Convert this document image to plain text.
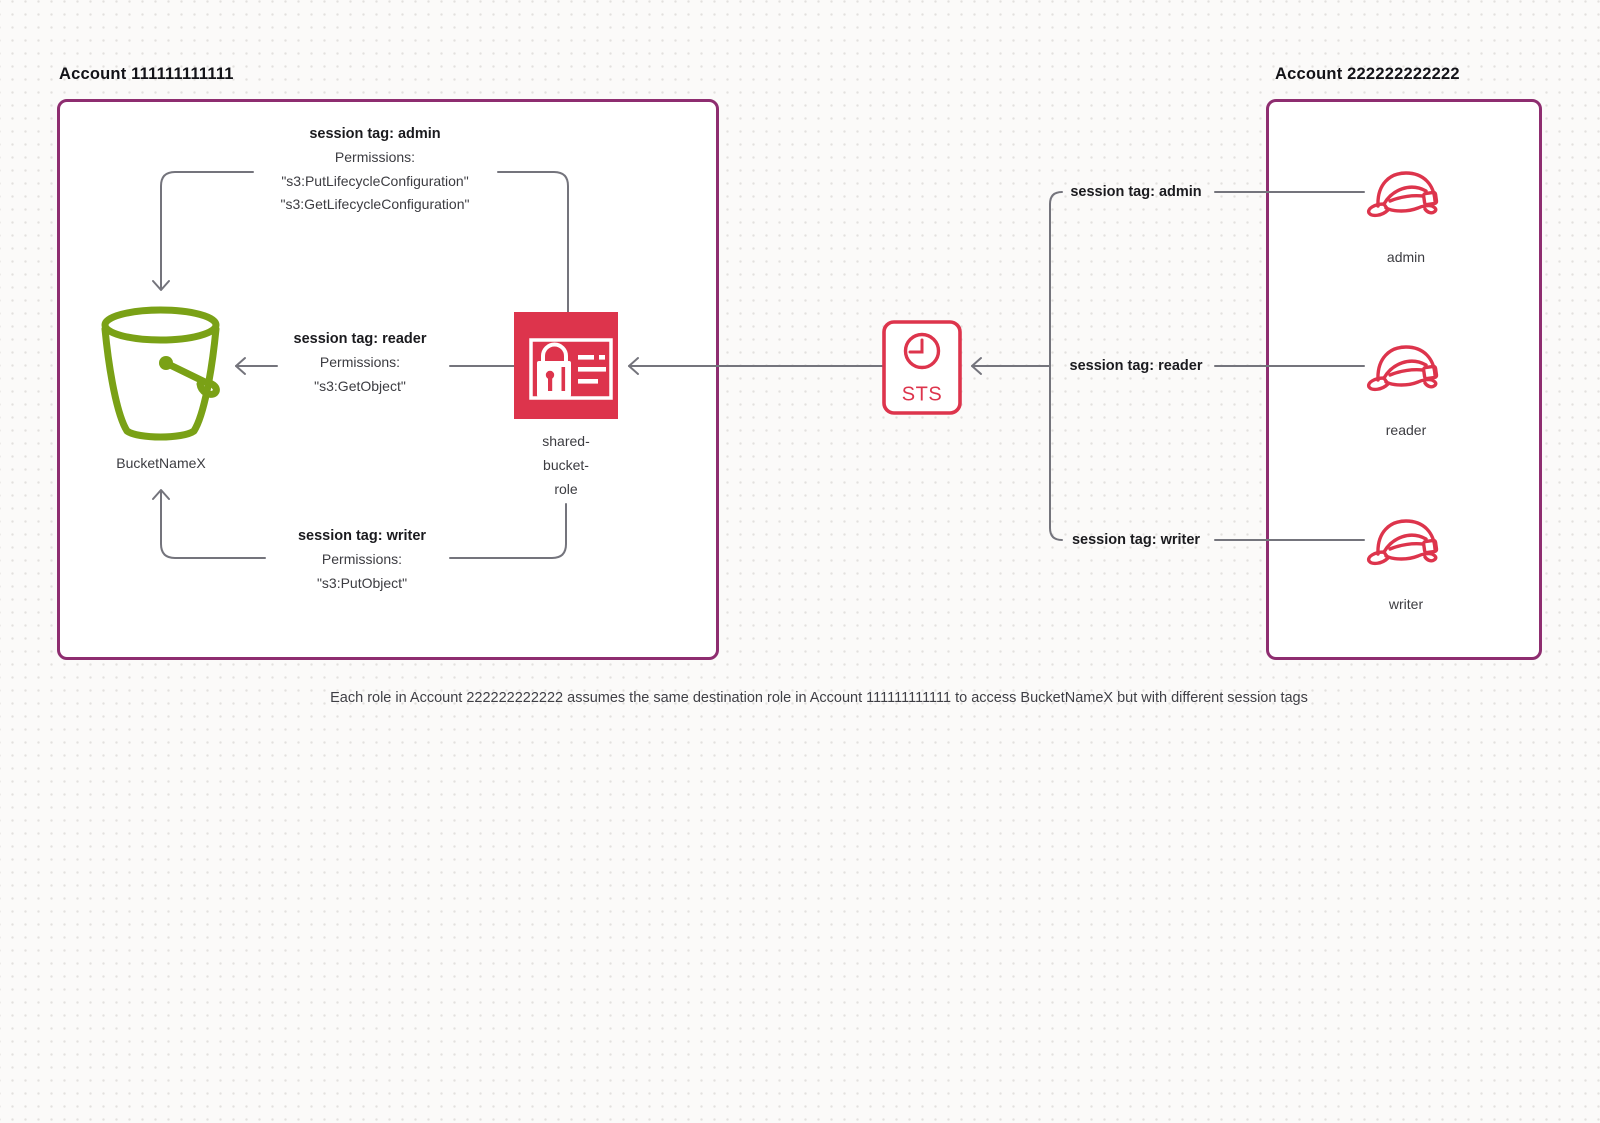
Account 111111111111	Account 222222222222
session tag: admin
Permissions:
"s3:PutLifecycleConfiguration"
"s3:GetLifecycleConfiguration"
session tag: reader
Permissions:
"s3:GetObject"
session tag: writer
Permissions:
"s3:PutObject"
BucketNameX
shared-
bucket-
role
STS
session tag: admin
session tag: reader
session tag: writer
admin
reader
writer
Each role in Account 222222222222 assumes the same destination role in Account 111111111111 to access BucketNameX but with different session tags
